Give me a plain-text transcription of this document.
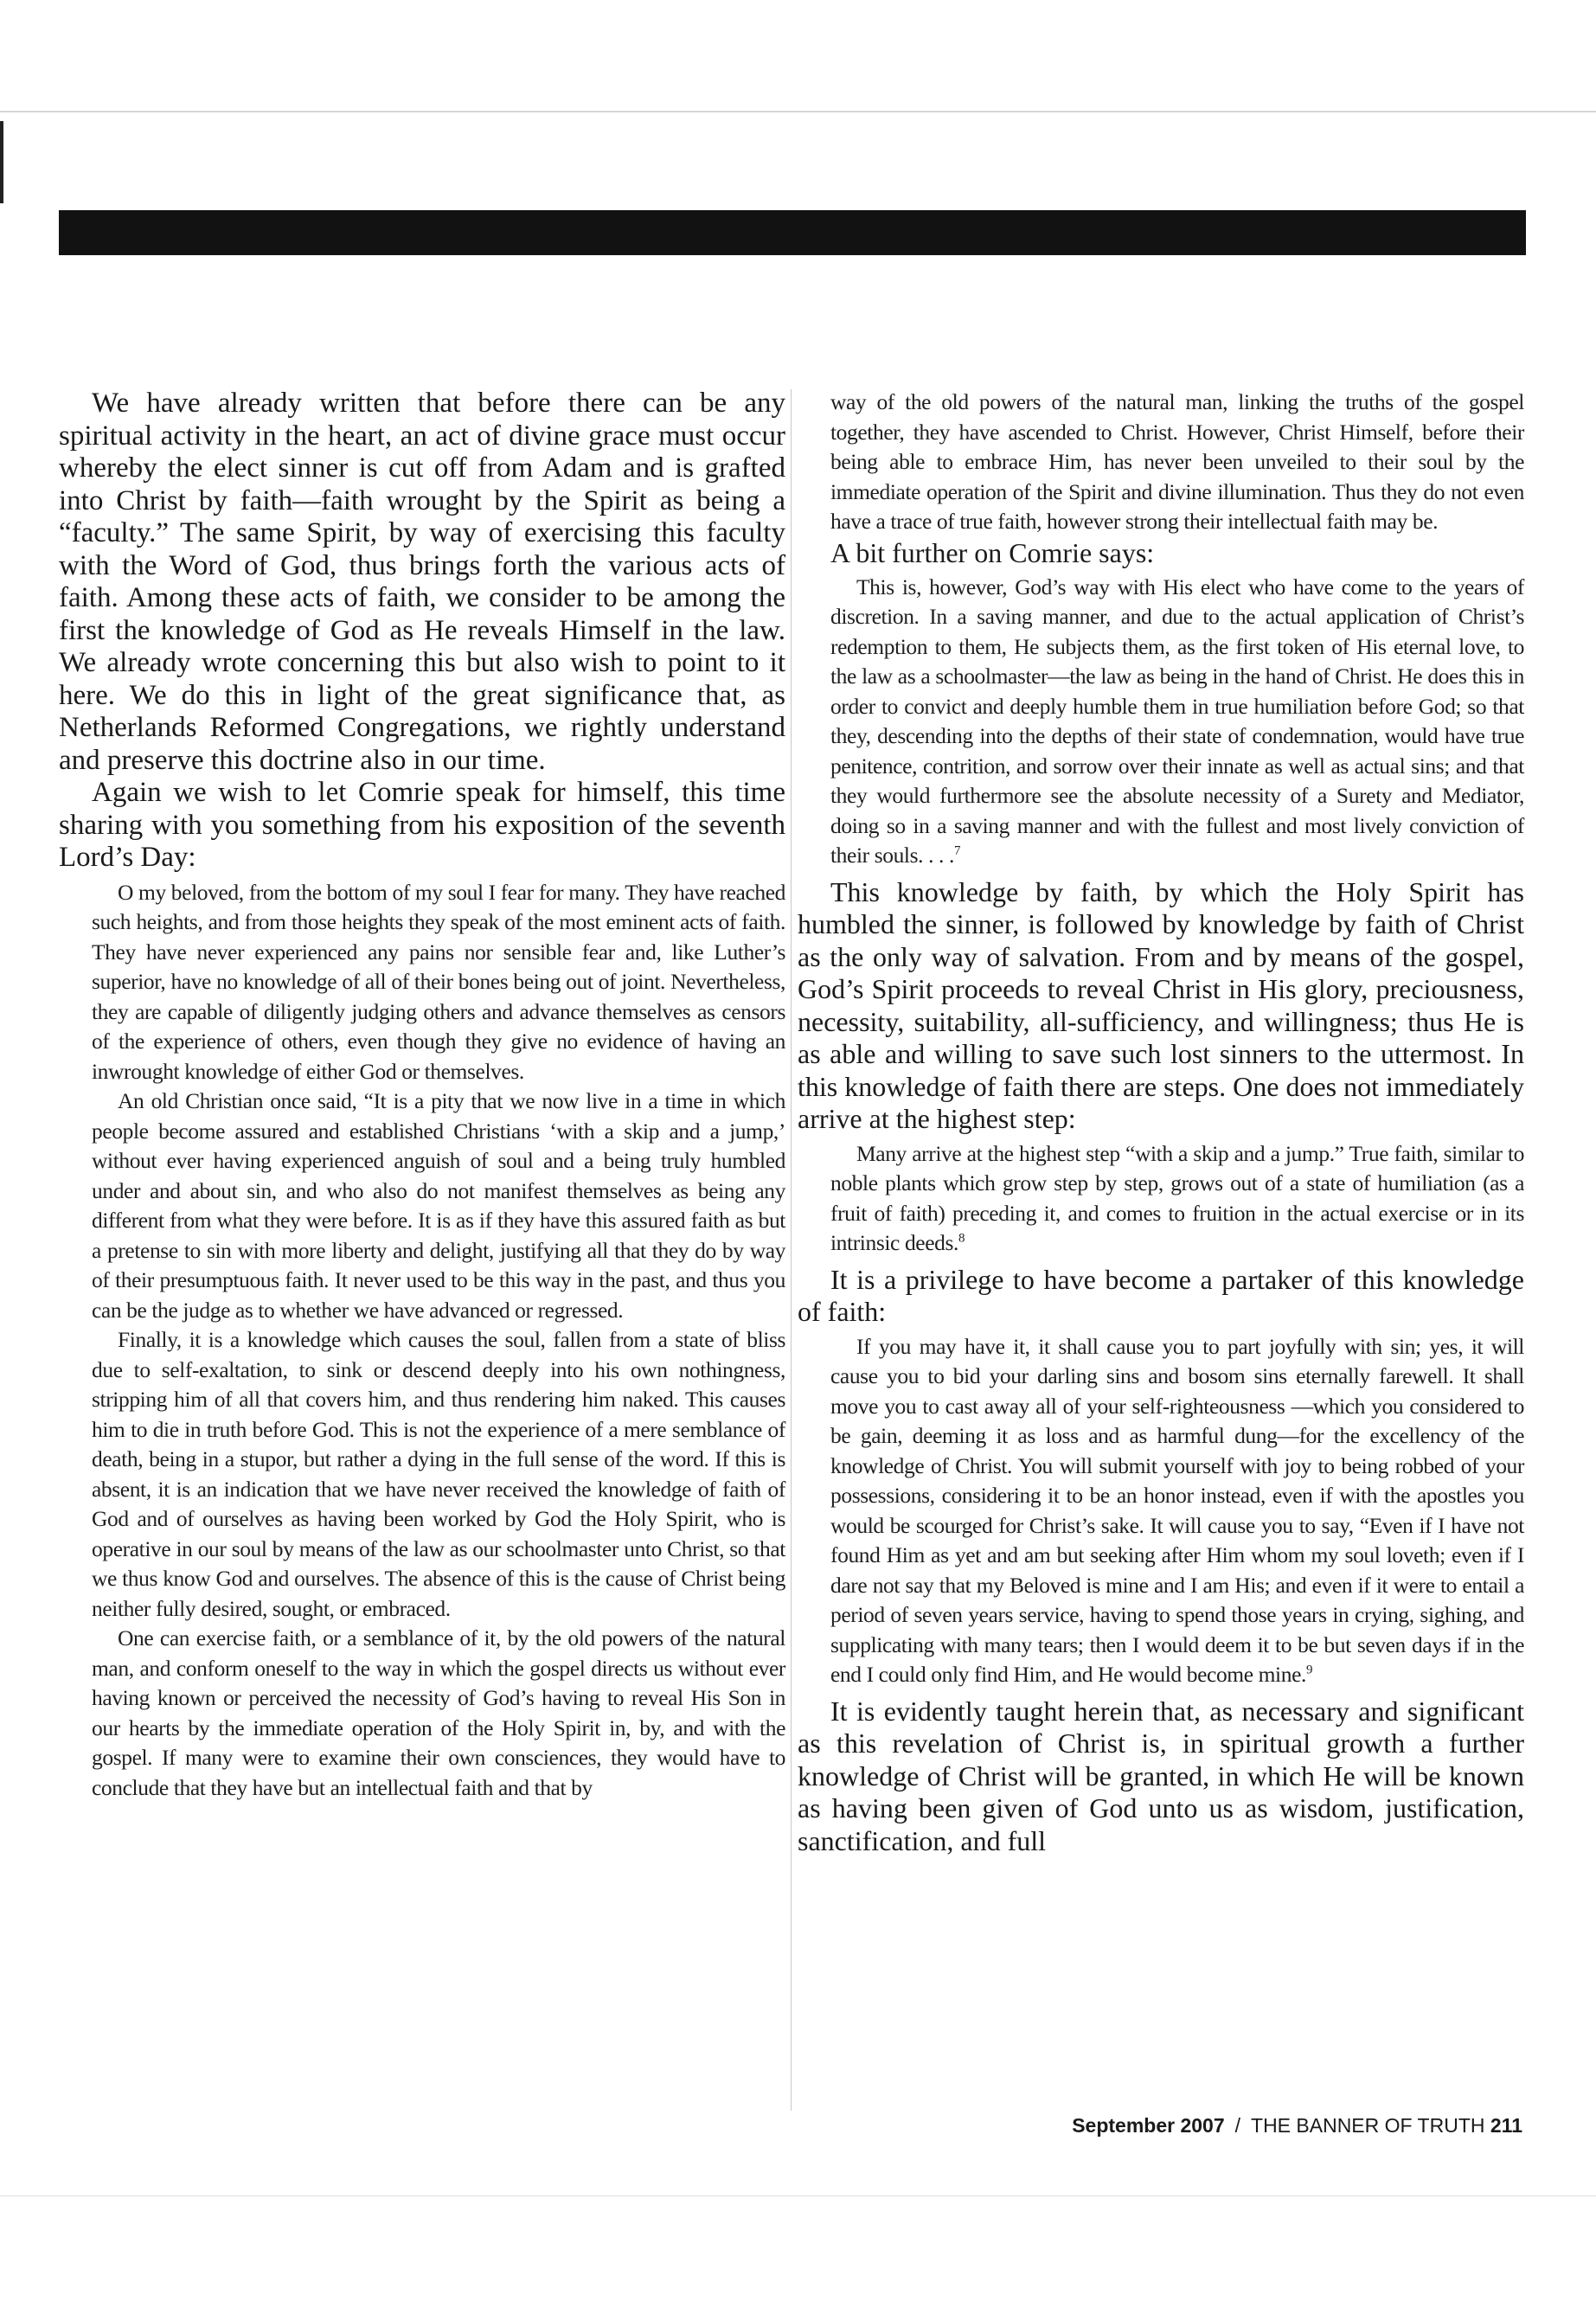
We have already written that before there can be any spiritual activity in the heart, an act of divine grace must occur whereby the elect sinner is cut off from Adam and is grafted into Christ by faith—faith wrought by the Spirit as being a “faculty.” The same Spirit, by way of exercising this faculty with the Word of God, thus brings forth the various acts of faith. Among these acts of faith, we consider to be among the first the knowledge of God as He reveals Himself in the law. We already wrote concerning this but also wish to point to it here. We do this in light of the great significance that, as Netherlands Reformed Congregations, we rightly understand and preserve this doctrine also in our time.

Again we wish to let Comrie speak for himself, this time sharing with you something from his exposition of the seventh Lord’s Day:

O my beloved, from the bottom of my soul I fear for many. They have reached such heights, and from those heights they speak of the most eminent acts of faith. They have never experienced any pains nor sensible fear and, like Luther’s superior, have no knowledge of all of their bones being out of joint. Nevertheless, they are capable of diligently judging others and advance themselves as censors of the experience of others, even though they give no evidence of having an inwrought knowledge of either God or themselves.

An old Christian once said, “It is a pity that we now live in a time in which people become assured and established Christians ‘with a skip and a jump,’ without ever having experienced anguish of soul and a being truly humbled under and about sin, and who also do not manifest themselves as being any different from what they were before. It is as if they have this assured faith as but a pretense to sin with more liberty and delight, justifying all that they do by way of their presumptuous faith. It never used to be this way in the past, and thus you can be the judge as to whether we have advanced or regressed.

Finally, it is a knowledge which causes the soul, fallen from a state of bliss due to self-exaltation, to sink or descend deeply into his own nothingness, stripping him of all that covers him, and thus rendering him naked. This causes him to die in truth before God. This is not the experience of a mere semblance of death, being in a stupor, but rather a dying in the full sense of the word. If this is absent, it is an indication that we have never received the knowledge of faith of God and of ourselves as having been worked by God the Holy Spirit, who is operative in our soul by means of the law as our schoolmaster unto Christ, so that we thus know God and ourselves. The absence of this is the cause of Christ being neither fully desired, sought, or embraced.

One can exercise faith, or a semblance of it, by the old powers of the natural man, and conform oneself to the way in which the gospel directs us without ever having known or perceived the necessity of God’s having to reveal His Son in our hearts by the immediate operation of the Holy Spirit in, by, and with the gospel. If many were to examine their own consciences, they would have to conclude that they have but an intellectual faith and that by

way of the old powers of the natural man, linking the truths of the gospel together, they have ascended to Christ. However, Christ Himself, before their being able to embrace Him, has never been unveiled to their soul by the immediate operation of the Spirit and divine illumination. Thus they do not even have a trace of true faith, however strong their intellectual faith may be.

A bit further on Comrie says:

This is, however, God’s way with His elect who have come to the years of discretion. In a saving manner, and due to the actual application of Christ’s redemption to them, He subjects them, as the first token of His eternal love, to the law as a schoolmaster—the law as being in the hand of Christ. He does this in order to convict and deeply humble them in true humiliation before God; so that they, descending into the depths of their state of condemnation, would have true penitence, contrition, and sorrow over their innate as well as actual sins; and that they would furthermore see the absolute necessity of a Surety and Mediator, doing so in a saving manner and with the fullest and most lively conviction of their souls. . . .$^7$

This knowledge by faith, by which the Holy Spirit has humbled the sinner, is followed by knowledge by faith of Christ as the only way of salvation. From and by means of the gospel, God’s Spirit proceeds to reveal Christ in His glory, preciousness, necessity, suitability, all-sufficiency, and willingness; thus He is as able and willing to save such lost sinners to the uttermost. In this knowledge of faith there are steps. One does not immediately arrive at the highest step:

Many arrive at the highest step “with a skip and a jump.” True faith, similar to noble plants which grow step by step, grows out of a state of humiliation (as a fruit of faith) preceding it, and comes to fruition in the actual exercise or in its intrinsic deeds.$^8$

It is a privilege to have become a partaker of this knowledge of faith:

If you may have it, it shall cause you to part joyfully with sin; yes, it will cause you to bid your darling sins and bosom sins eternally farewell. It shall move you to cast away all of your self-righteousness —which you considered to be gain, deeming it as loss and as harmful dung—for the excellency of the knowledge of Christ. You will submit yourself with joy to being robbed of your possessions, considering it to be an honor instead, even if with the apostles you would be scourged for Christ’s sake. It will cause you to say, “Even if I have not found Him as yet and am but seeking after Him whom my soul loveth; even if I dare not say that my Beloved is mine and I am His; and even if it were to entail a period of seven years service, having to spend those years in crying, sighing, and supplicating with many tears; then I would deem it to be but seven days if in the end I could only find Him, and He would become mine.$^9$

It is evidently taught herein that, as necessary and significant as this revelation of Christ is, in spiritual growth a further knowledge of Christ will be granted, in which He will be known as having been given of God unto us as wisdom, justification, sanctification, and full

September 2007 / THE BANNER OF TRUTH 211
